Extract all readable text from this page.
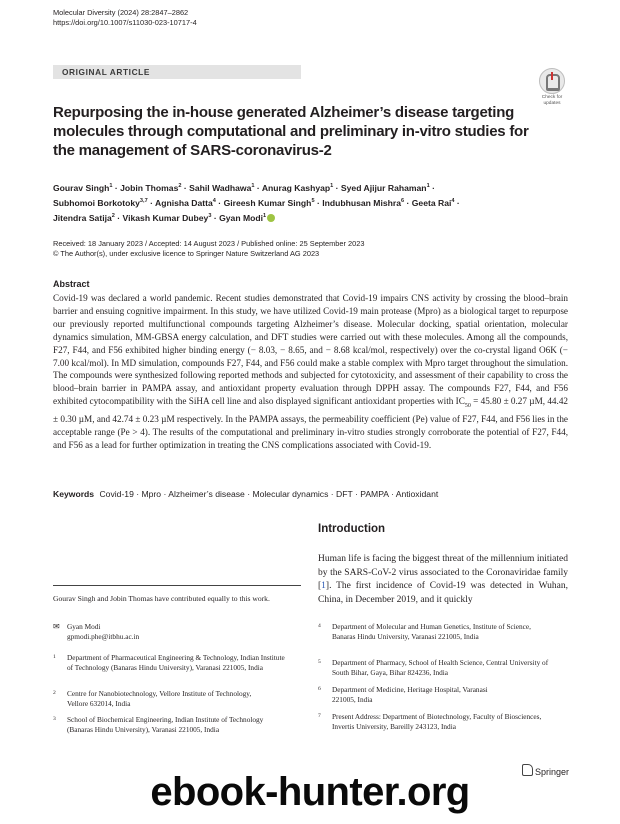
Molecular Diversity (2024) 28:2847–2862
https://doi.org/10.1007/s11030-023-10717-4
ORIGINAL ARTICLE
Check for
updates
Repurposing the in-house generated Alzheimer’s disease targeting molecules through computational and preliminary in-vitro studies for the management of SARS-coronavirus-2
Gourav Singh$^1$ · Jobin Thomas$^2$ · Sahil Wadhawa$^1$ · Anurag Kashyap$^1$ · Syed Ajijur Rahaman$^1$ ·
Subhomoi Borkotoky$^{3,7}$ · Agnisha Datta$^4$ · Gireesh Kumar Singh$^5$ · Indubhusan Mishra$^6$ · Geeta Rai$^4$ ·
Jitendra Satija$^2$ · Vikash Kumar Dubey$^3$ · Gyan Modi$^1$
Received: 18 January 2023 / Accepted: 14 August 2023 / Published online: 25 September 2023
© The Author(s), under exclusive licence to Springer Nature Switzerland AG 2023
Abstract
Covid-19 was declared a world pandemic. Recent studies demonstrated that Covid-19 impairs CNS activity by crossing the blood–brain barrier and ensuing cognitive impairment. In this study, we have utilized Covid-19 main protease (Mpro) as a biological target to repurpose our previously reported multifunctional compounds targeting Alzheimer’s disease. Molecular docking, spatial orientation, molecular dynamics simulation, MM-GBSA energy calculation, and DFT studies were carried out with these molecules. Among all the compounds, F27, F44, and F56 exhibited higher binding energy (− 8.03, − 8.65, and − 8.68 kcal/mol, respectively) over the co-crystal ligand O6K (− 7.00 kcal/mol). In MD simulation, compounds F27, F44, and F56 could make a stable complex with Mpro target throughout the simulation. The compounds were synthesized following reported methods and subjected for cytotoxicity, and assessment of their capability to cross the blood–brain barrier in PAMPA assay, and antioxidant property evaluation through DPPH assay. The compounds F27, F44, and F56 exhibited cytocompatibility with the SiHA cell line and also displayed significant antioxidant properties with $IC_{50} = 45.80 \pm 0.27$ µM, 44.42 ± 0.30 µM, and 42.74 ± 0.23 µM respectively. In the PAMPA assays, the permeability coefficient (Pe) value of F27, F44, and F56 lies in the acceptable range (Pe > 4). The results of the computational and preliminary in-vitro studies strongly corroborate the potential of F27, F44, and F56 as a lead for further optimization in treating the CNS complications associated with Covid-19.
Keywords Covid-19 · Mpro · Alzheimer’s disease · Molecular dynamics · DFT · PAMPA · Antioxidant
Introduction
Human life is facing the biggest threat of the millennium initiated by the SARS-CoV-2 virus associated to the Coronaviridae family [1]. The first incidence of Covid-19 was detected in Wuhan, China, in December 2019, and it quickly
Gourav Singh and Jobin Thomas have contributed equally to this work.
✉ Gyan Modi
gpmodi.phe@itbhu.ac.in
1 Department of Pharmaceutical Engineering & Technology, Indian Institute of Technology (Banaras Hindu University), Varanasi 221005, India
2 Centre for Nanobiotechnology, Vellore Institute of Technology, Vellore 632014, India
3 School of Biochemical Engineering, Indian Institute of Technology (Banaras Hindu University), Varanasi 221005, India
4 Department of Molecular and Human Genetics, Institute of Science, Banaras Hindu University, Varanasi 221005, India
5 Department of Pharmacy, School of Health Science, Central University of South Bihar, Gaya, Bihar 824236, India
6 Department of Medicine, Heritage Hospital, Varanasi 221005, India
7 Present Address: Department of Biotechnology, Faculty of Biosciences, Invertis University, Bareilly 243123, India
Springer
ebook-hunter.org
